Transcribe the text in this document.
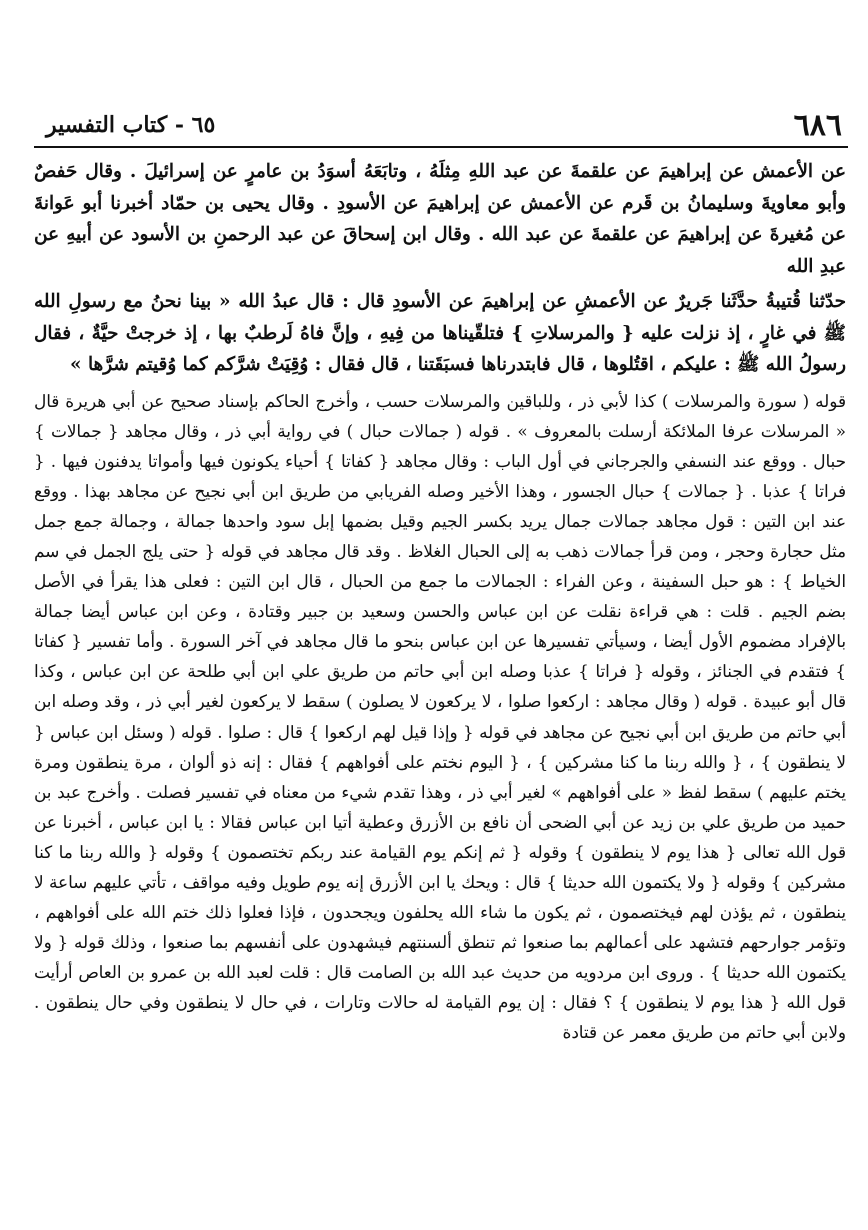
٦٨٦
٦٥ - كتاب التفسير

عن الأعمش عن إبراهيمَ عن علقمةَ عن عبد اللهِ مِثلَهُ ، وتابَعَهُ أسوَدُ بن عامرٍ عن إسرائيلَ . وقال حَفصٌ وأبو معاويةَ وسليمانُ بن قَرم عن الأعمش عن إبراهيمَ عن الأسودِ . وقال يحيى بن حمّاد أخبرنا أبو عَوانةَ عن مُغيرةَ عن إبراهيمَ عن علقمةَ عن عبد الله . وقال ابن إسحاقَ عن عبد الرحمنِ بن الأسود عن أبيهِ عن عبدِ الله

حدّثنا قُتيبةُ حدَّثَنا جَريرٌ عن الأعمشِ عن إبراهيمَ عن الأسودِ قال : قال عبدُ الله « بينا نحنُ مع رسولِ الله ﷺ في غارٍ ، إذ نزلت عليه { والمرسلاتِ } فتلقّيناها من فِيهِ ، وإنَّ فاهُ لَرطبٌ بها ، إذ خرجتْ حيَّةٌ ، فقال رسولُ الله ﷺ : عليكم ، اقتُلوها ، قال فابتدرناها فسبَقَتنا ، قال فقال : وُقِيَتْ شرَّكم كما وُقيتم شرَّها »

قوله ( سورة والمرسلات ) كذا لأبي ذر ، وللباقين والمرسلات حسب ، وأخرج الحاكم بإسناد صحيح عن أبي هريرة قال « المرسلات عرفا الملائكة أرسلت بالمعروف » . قوله ( جمالات حبال ) في رواية أبي ذر ، وقال مجاهد { جمالات } حبال . ووقع عند النسفي والجرجاني في أول الباب : وقال مجاهد { كفاتا } أحياء يكونون فيها وأمواتا يدفنون فيها . { فراتا } عذبا . { جمالات } حبال الجسور ، وهذا الأخير وصله الفريابي من طريق ابن أبي نجيح عن مجاهد بهذا . ووقع عند ابن التين : قول مجاهد جمالات جمال يريد بكسر الجيم وقيل بضمها إبل سود واحدها جمالة ، وجمالة جمع جمل مثل حجارة وحجر ، ومن قرأ جمالات ذهب به إلى الحبال الغلاظ . وقد قال مجاهد في قوله { حتى يلج الجمل في سم الخياط } : هو حبل السفينة ، وعن الفراء : الجمالات ما جمع من الحبال ، قال ابن التين : فعلى هذا يقرأ في الأصل بضم الجيم . قلت : هي قراءة نقلت عن ابن عباس والحسن وسعيد بن جبير وقتادة ، وعن ابن عباس أيضا جمالة بالإفراد مضموم الأول أيضا ، وسيأتي تفسيرها عن ابن عباس بنحو ما قال مجاهد في آخر السورة . وأما تفسير { كفاتا } فتقدم في الجنائز ، وقوله { فراتا } عذبا وصله ابن أبي حاتم من طريق علي ابن أبي طلحة عن ابن عباس ، وكذا قال أبو عبيدة . قوله ( وقال مجاهد : اركعوا صلوا ، لا يركعون لا يصلون ) سقط لا يركعون لغير أبي ذر ، وقد وصله ابن أبي حاتم من طريق ابن أبي نجيح عن مجاهد في قوله { وإذا قيل لهم اركعوا } قال : صلوا . قوله ( وسئل ابن عباس { لا ينطقون } ، { والله ربنا ما كنا مشركين } ، { اليوم نختم على أفواههم } فقال : إنه ذو ألوان ، مرة ينطقون ومرة يختم عليهم ) سقط لفظ « على أفواههم » لغير أبي ذر ، وهذا تقدم شيء من معناه في تفسير فصلت . وأخرج عبد بن حميد من طريق علي بن زيد عن أبي الضحى أن نافع بن الأزرق وعطية أتيا ابن عباس فقالا : يا ابن عباس ، أخبرنا عن قول الله تعالى { هذا يوم لا ينطقون } وقوله { ثم إنكم يوم القيامة عند ربكم تختصمون } وقوله { والله ربنا ما كنا مشركين } وقوله { ولا يكتمون الله حديثا } قال : ويحك يا ابن الأزرق إنه يوم طويل وفيه مواقف ، تأتي عليهم ساعة لا ينطقون ، ثم يؤذن لهم فيختصمون ، ثم يكون ما شاء الله يحلفون ويجحدون ، فإذا فعلوا ذلك ختم الله على أفواههم ، وتؤمر جوارحهم فتشهد على أعمالهم بما صنعوا ثم تنطق ألسنتهم فيشهدون على أنفسهم بما صنعوا ، وذلك قوله { ولا يكتمون الله حديثا } . وروى ابن مردويه من حديث عبد الله بن الصامت قال : قلت لعبد الله بن عمرو بن العاص أرأيت قول الله { هذا يوم لا ينطقون } ؟ فقال : إن يوم القيامة له حالات وتارات ، في حال لا ينطقون وفي حال ينطقون . ولابن أبي حاتم من طريق معمر عن قتادة
